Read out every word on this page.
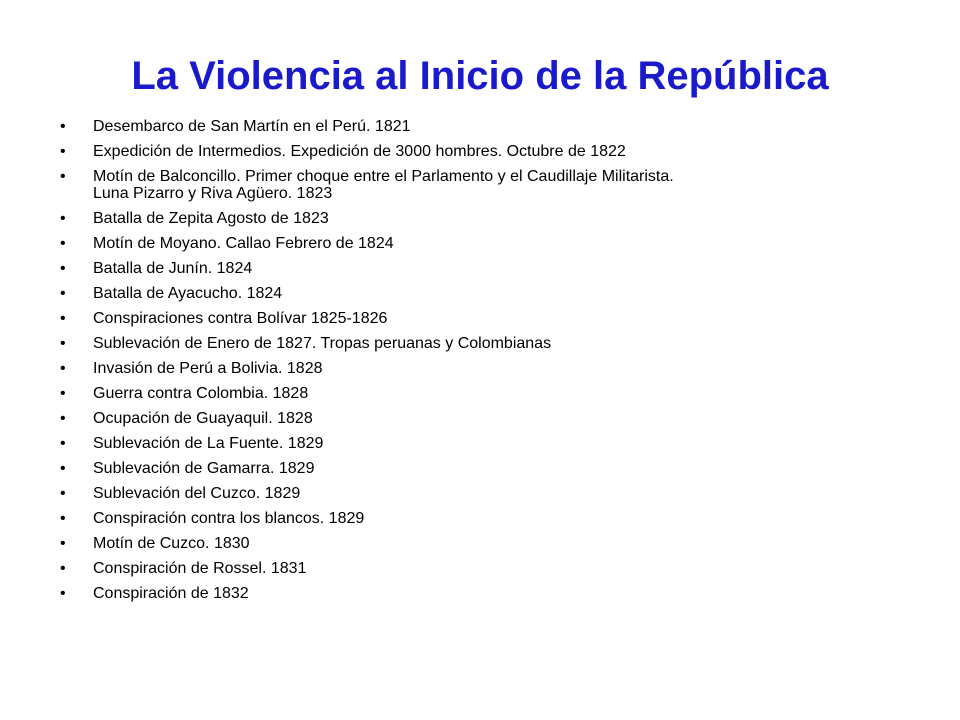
La Violencia al Inicio de la República
•	Desembarco de San Martín en el Perú. 1821
•	Expedición de Intermedios. Expedición de 3000 hombres. Octubre de 1822
•	Motín de Balconcillo. Primer choque entre el Parlamento y el Caudillaje Militarista.
Luna Pizarro y Riva Agüero. 1823
•	Batalla de Zepita Agosto de 1823
•	Motín de Moyano. Callao Febrero de 1824
•	Batalla de Junín. 1824
•	Batalla de Ayacucho. 1824
•	Conspiraciones contra Bolívar 1825-1826
•	Sublevación de Enero de 1827. Tropas peruanas y Colombianas
•	Invasión de Perú a Bolivia. 1828
•	Guerra contra Colombia. 1828
•	Ocupación de Guayaquil. 1828
•	Sublevación de La Fuente. 1829
•	Sublevación de Gamarra. 1829
•	Sublevación del Cuzco. 1829
•	Conspiración contra los blancos. 1829
•	Motín de Cuzco. 1830
•	Conspiración de Rossel. 1831
•	Conspiración de 1832
